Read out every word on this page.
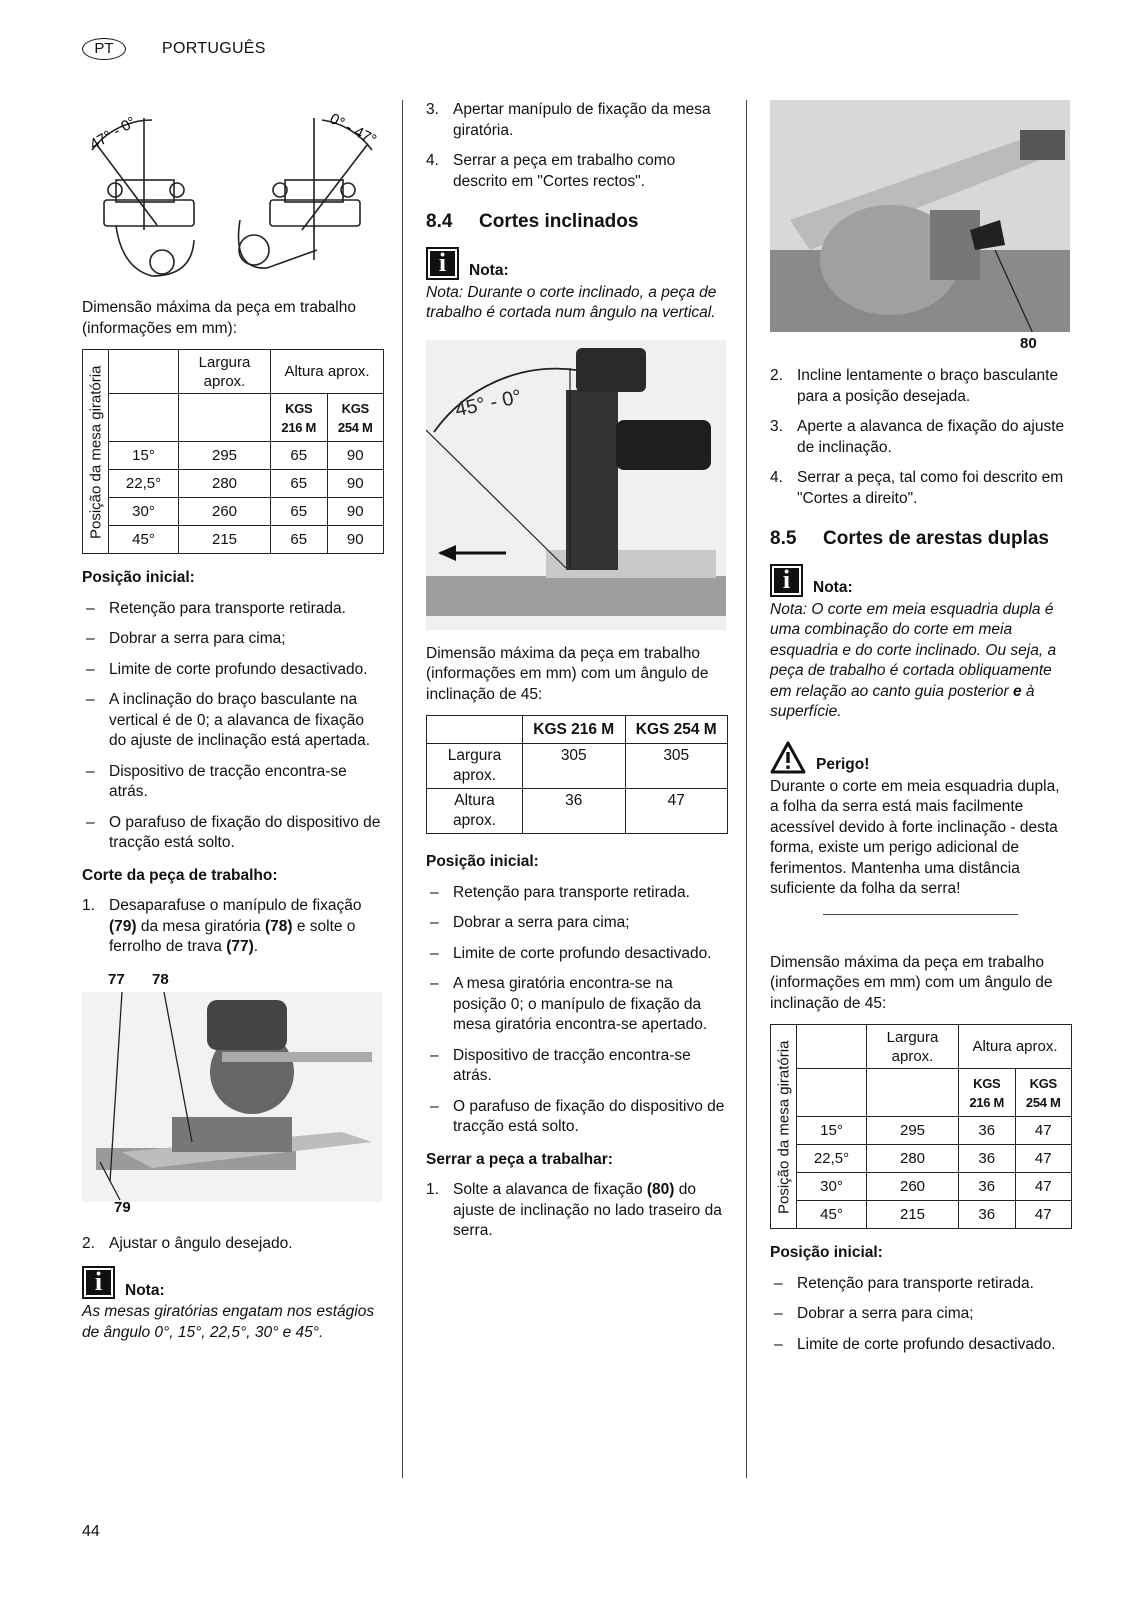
PT	PORTUGUÊS
47° - 0°	0° - 47°

Dimensão máxima da peça em trabalho (informações em mm):

Posição da mesa giratória		Largura aprox.	Altura aprox.	
			KGS 216 M	KGS 254 M
	15°	295	65	90
	22,5°	280	65	90
	30°	260	65	90
	45°	215	65	90

Posição inicial:

– Retenção para transporte retirada.
– Dobrar a serra para cima;
– Limite de corte profundo desactivado.
– A inclinação do braço basculante na vertical é de 0; a alavanca de fixação do ajuste de inclinação está apertada.
– Dispositivo de tracção encontra-se atrás.
– O parafuso de fixação do dispositivo de tracção está solto.

Corte da peça de trabalho:

1. Desaparafuse o manípulo de fixação (79) da mesa giratória (78) e solte o ferrolho de trava (77).
77 78
79
2. Ajustar o ângulo desejado.
i	Nota:

As mesas giratórias engatam nos estágios de ângulo 0°, 15°, 22,5°, 30° e 45°.

3. Apertar manípulo de fixação da mesa giratória.
4. Serrar a peça em trabalho como descrito em "Cortes rectos".
8.4	Cortes inclinados
i	Nota:

Nota: Durante o corte inclinado, a peça de trabalho é cortada num ângulo na vertical.

45° - 0°

Dimensão máxima da peça em trabalho (informações em mm) com um ângulo de inclinação de 45:

	KGS 216 M	KGS 254 M
Largura aprox.	305	305
Altura aprox.	36	47

Posição inicial:

– Retenção para transporte retirada.
– Dobrar a serra para cima;
– Limite de corte profundo desactivado.
– A mesa giratória encontra-se na posição 0; o manípulo de fixação da mesa giratória encontra-se apertado.
– Dispositivo de tracção encontra-se atrás.
– O parafuso de fixação do dispositivo de tracção está solto.

Serrar a peça a trabalhar:

1. Solte a alavanca de fixação (80) do ajuste de inclinação no lado traseiro da serra.
80
2. Incline lentamente o braço basculante para a posição desejada.
3. Aperte a alavanca de fixação do ajuste de inclinação.
4. Serrar a peça, tal como foi descrito em "Cortes a direito".
8.5	Cortes de arestas duplas
i	Nota:

Nota: O corte em meia esquadria dupla é uma combinação do corte em meia esquadria e do corte inclinado. Ou seja, a peça de trabalho é cortada obliquamente em relação ao canto guia posterior e à superfície.

Perigo!

Durante o corte em meia esquadria dupla, a folha da serra está mais facilmente acessível devido à forte inclinação - desta forma, existe um perigo adicional de ferimentos. Mantenha uma distância suficiente da folha da serra!

Dimensão máxima da peça em trabalho (informações em mm) com um ângulo de inclinação de 45:

Posição da mesa giratória		Largura aprox.	Altura aprox.	
			KGS 216 M	KGS 254 M
	15°	295	36	47
	22,5°	280	36	47
	30°	260	36	47
	45°	215	36	47

Posição inicial:

– Retenção para transporte retirada.
– Dobrar a serra para cima;
– Limite de corte profundo desactivado.
44
